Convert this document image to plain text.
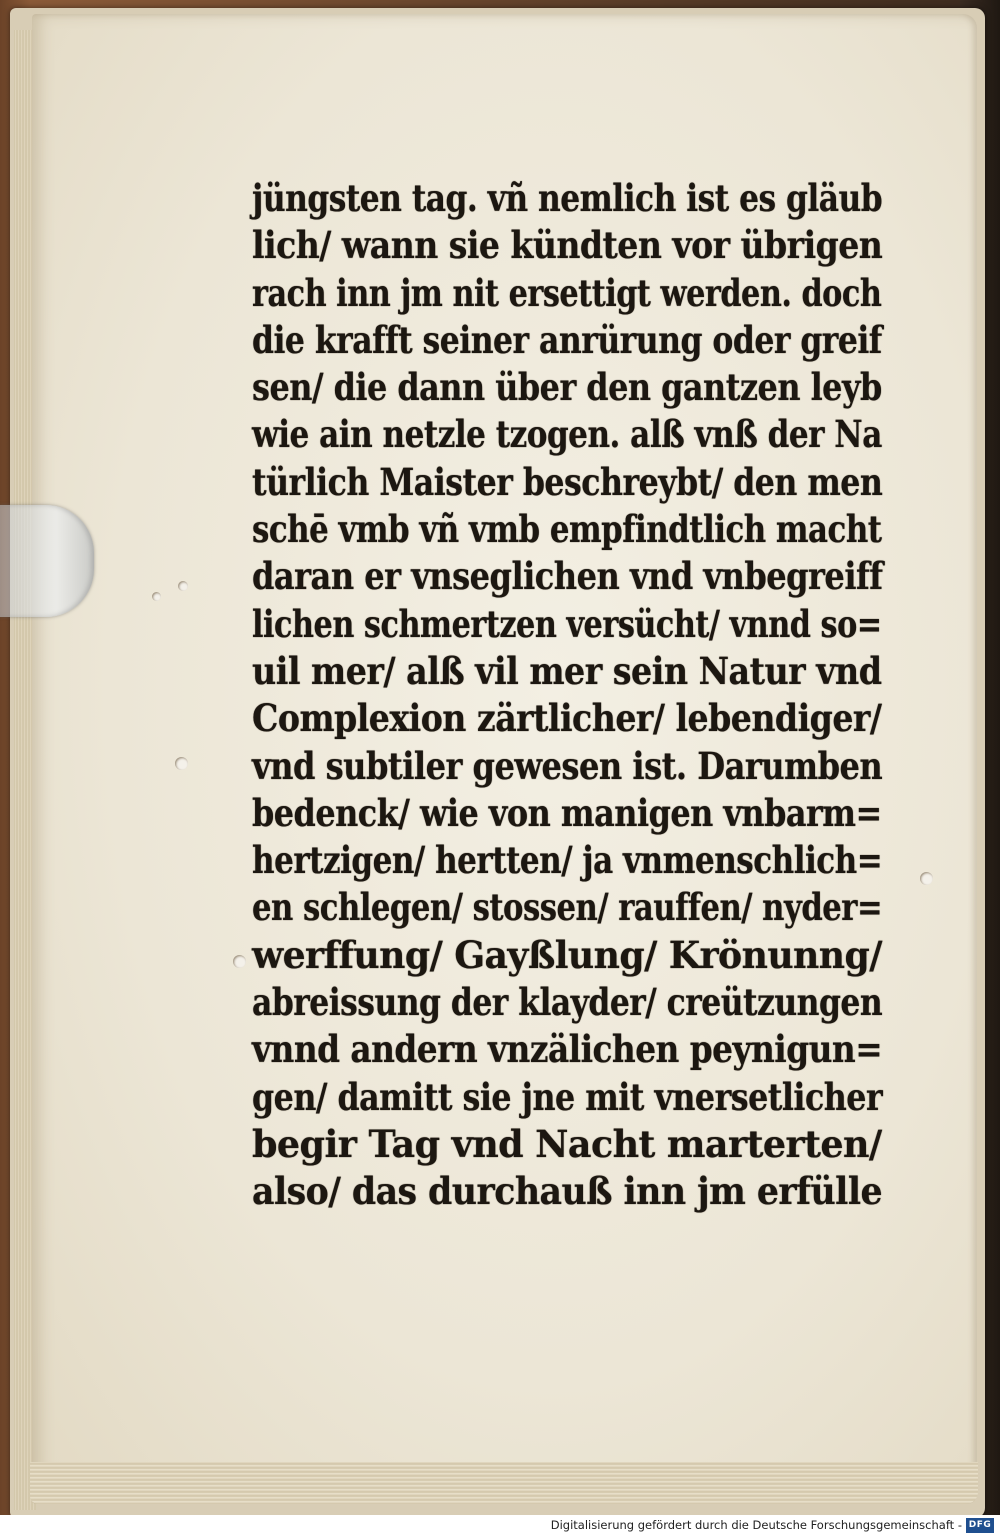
jüngsten tag. vñ nemlich ist es gläub
lich/ wann sie kündten vor übrigen
rach inn jm nit ersettigt werden. doch
die krafft seiner anrürung oder greif
sen/ die dann über den gantzen leyb
wie ain netzle tzogen. alß vnß der Na
türlich Maister beschreybt/ den men
schē vmb vñ vmb empfindtlich macht
daran er vnseglichen vnd vnbegreiff
lichen schmertzen versücht/ vnnd so=
uil mer/ alß vil mer sein Natur vnd
Complexion zärtlicher/ lebendiger/
vnd subtiler gewesen ist. Darumben
bedenck/ wie von manigen vnbarm=
hertzigen/ hertten/ ja vnmenschlich=
en schlegen/ stossen/ rauffen/ nyder=
werffung/ Gayßlung/ Krönunng/
abreissung der klayder/ creützungen
vnnd andern vnzälichen peynigun=
gen/ damitt sie jne mit vnersetlicher
begir Tag vnd Nacht marterten/
also/ das durchauß inn jm erfülle
Digitalisierung gefördert durch die Deutsche Forschungsgemeinschaft - DFG
